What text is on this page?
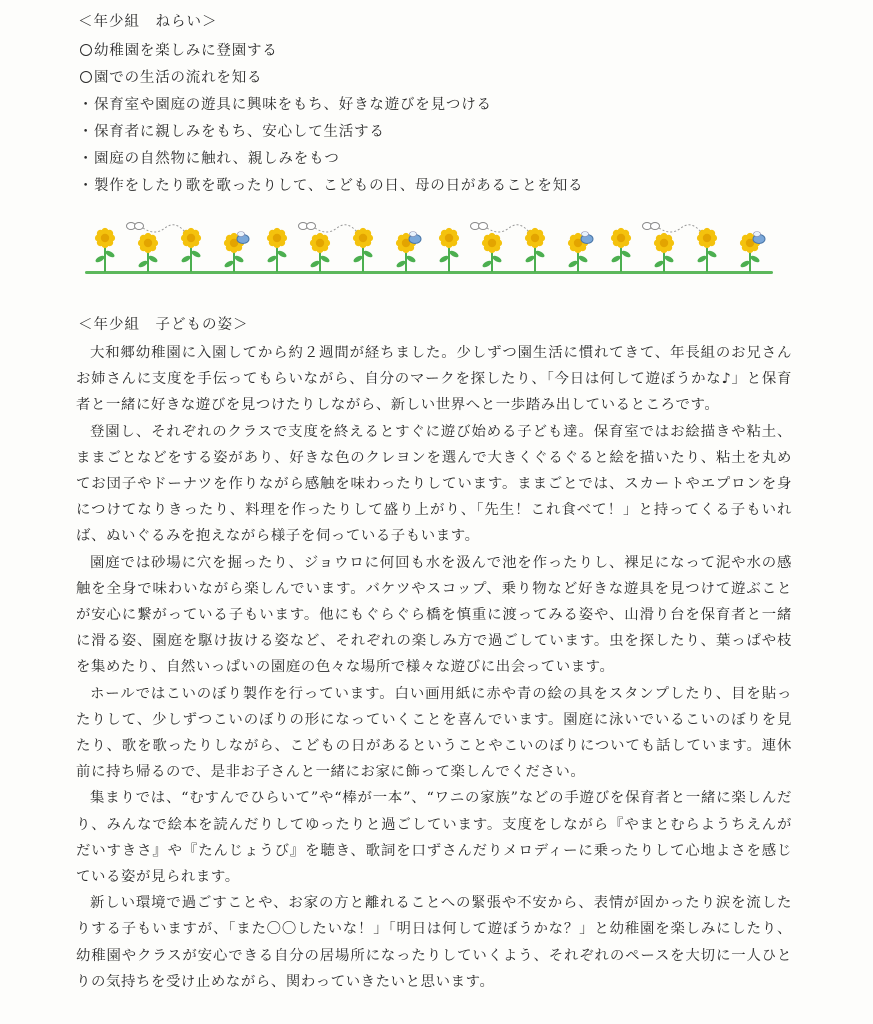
＜年少組　ねらい＞
幼稚園を楽しみに登園する
園での生活の流れを知る
・保育室や園庭の遊具に興味をもち、好きな遊びを見つける
・保育者に親しみをもち、安心して生活する
・園庭の自然物に触れ、親しみをもつ
・製作をしたり歌を歌ったりして、こどもの日、母の日があることを知る
＜年少組　子どもの姿＞

大和郷幼稚園に入園してから約２週間が経ちました。少しずつ園生活に慣れてきて、年長組のお兄さんお姉さんに支度を手伝ってもらいながら、自分のマークを探したり、「今日は何して遊ぼうかな♪」と保育者と一緒に好きな遊びを見つけたりしながら、新しい世界へと一歩踏み出しているところです。

登園し、それぞれのクラスで支度を終えるとすぐに遊び始める子ども達。保育室ではお絵描きや粘土、ままごとなどをする姿があり、好きな色のクレヨンを選んで大きくぐるぐると絵を描いたり、粘土を丸めてお団子やドーナツを作りながら感触を味わったりしています。ままごとでは、スカートやエプロンを身につけてなりきったり、料理を作ったりして盛り上がり、「先生！これ食べて！」と持ってくる子もいれば、ぬいぐるみを抱えながら様子を伺っている子もいます。

園庭では砂場に穴を掘ったり、ジョウロに何回も水を汲んで池を作ったりし、裸足になって泥や水の感触を全身で味わいながら楽しんでいます。バケツやスコップ、乗り物など好きな遊具を見つけて遊ぶことが安心に繋がっている子もいます。他にもぐらぐら橋を慎重に渡ってみる姿や、山滑り台を保育者と一緒に滑る姿、園庭を駆け抜ける姿など、それぞれの楽しみ方で過ごしています。虫を探したり、葉っぱや枝を集めたり、自然いっぱいの園庭の色々な場所で様々な遊びに出会っています。

ホールではこいのぼり製作を行っています。白い画用紙に赤や青の絵の具をスタンプしたり、目を貼ったりして、少しずつこいのぼりの形になっていくことを喜んでいます。園庭に泳いでいるこいのぼりを見たり、歌を歌ったりしながら、こどもの日があるということやこいのぼりについても話しています。連休前に持ち帰るので、是非お子さんと一緒にお家に飾って楽しんでください。

集まりでは、“むすんでひらいて”や“棒が一本”、“ワニの家族”などの手遊びを保育者と一緒に楽しんだり、みんなで絵本を読んだりしてゆったりと過ごしています。支度をしながら『やまとむらようちえんがだいすきさ』や『たんじょうび』を聴き、歌詞を口ずさんだりメロディーに乗ったりして心地よさを感じている姿が見られます。

新しい環境で過ごすことや、お家の方と離れることへの緊張や不安から、表情が固かったり涙を流したりする子もいますが、「また〇〇したいな！」「明日は何して遊ぼうかな？」と幼稚園を楽しみにしたり、幼稚園やクラスが安心できる自分の居場所になったりしていくよう、それぞれのペースを大切に一人ひとりの気持ちを受け止めながら、関わっていきたいと思います。
